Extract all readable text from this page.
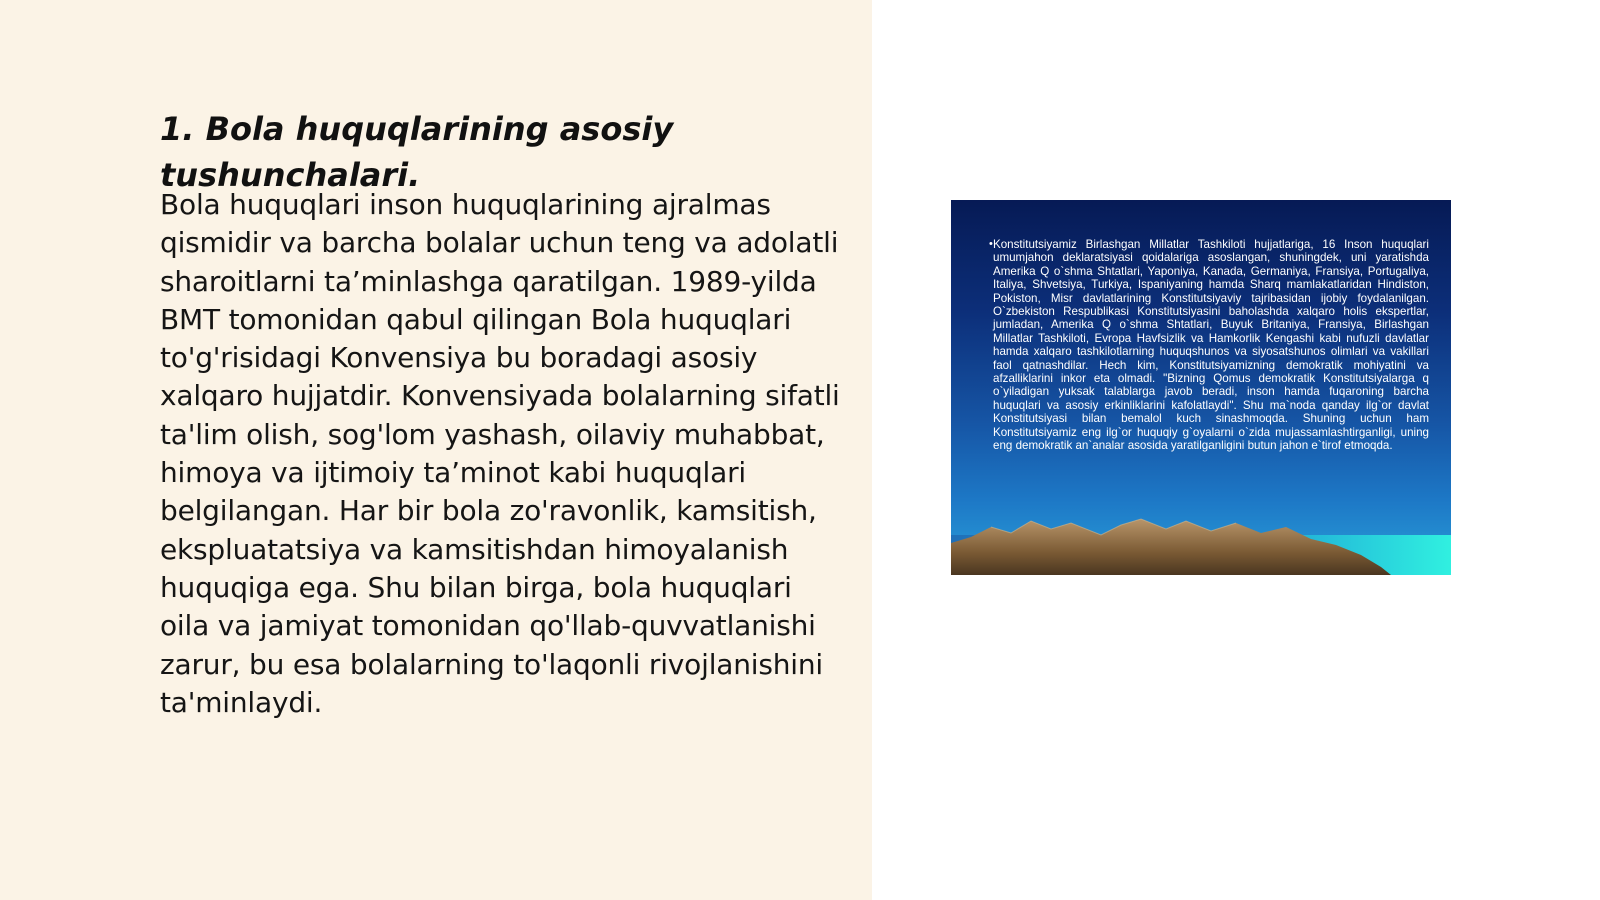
1. Bola huquqlarining asosiy tushunchalari.

Bola huquqlari inson huquqlarining ajralmas qismidir va barcha bolalar uchun teng va adolatli sharoitlarni ta’minlashga qaratilgan. 1989-yilda BMT tomonidan qabul qilingan Bola huquqlari to'g'risidagi Konvensiya bu boradagi asosiy xalqaro hujjatdir. Konvensiyada bolalarning sifatli ta'lim olish, sog'lom yashash, oilaviy muhabbat, himoya va ijtimoiy ta’minot kabi huquqlari belgilangan. Har bir bola zo'ravonlik, kamsitish, ekspluatatsiya va kamsitishdan himoyalanish huquqiga ega. Shu bilan birga, bola huquqlari oila va jamiyat tomonidan qo'llab-quvvatlanishi zarur, bu esa bolalarning to'laqonli rivojlanishini ta'minlaydi.

• Konstitutsiyamiz Birlashgan Millatlar Tashkiloti hujjatlariga, 16 Inson huquqlari umumjahon deklaratsiyasi qoidalariga asoslangan, shuningdek, uni yaratishda Amerika Q o`shma Shtatlari, Yaponiya, Kanada, Germaniya, Fransiya, Portugaliya, Italiya, Shvetsiya, Turkiya, Ispaniyaning hamda Sharq mamlakatlaridan Hindiston, Pokiston, Misr davlatlarining Konstitutsiyaviy tajribasidan ijobiy foydalanilgan. O`zbekiston Respublikasi Konstitutsiyasini baholashda xalqaro holis ekspertlar, jumladan, Amerika Q o`shma Shtatlari, Buyuk Britaniya, Fransiya, Birlashgan Millatlar Tashkiloti, Evropa Havfsizlik va Hamkorlik Kengashi kabi nufuzli davlatlar hamda xalqaro tashkilotlarning huquqshunos va siyosatshunos olimlari va vakillari faol qatnashdilar. Hech kim, Konstitutsiyamizning demokratik mohiyatini va afzalliklarini inkor eta olmadi. "Bizning Qomus demokratik Konstitutsiyalarga q o`yiladigan yuksak talablarga javob beradi, inson hamda fuqaroning barcha huquqlari va asosiy erkinliklarini kafolatlaydi". Shu ma`noda qanday ilg`or davlat Konstitutsiyasi bilan bemalol kuch sinashmoqda. Shuning uchun ham Konstitutsiyamiz eng ilg`or huquqiy g`oyalarni o`zida mujassamlashtirganligi, uning eng demokratik an`analar asosida yaratilganligini butun jahon e`tirof etmoqda.
